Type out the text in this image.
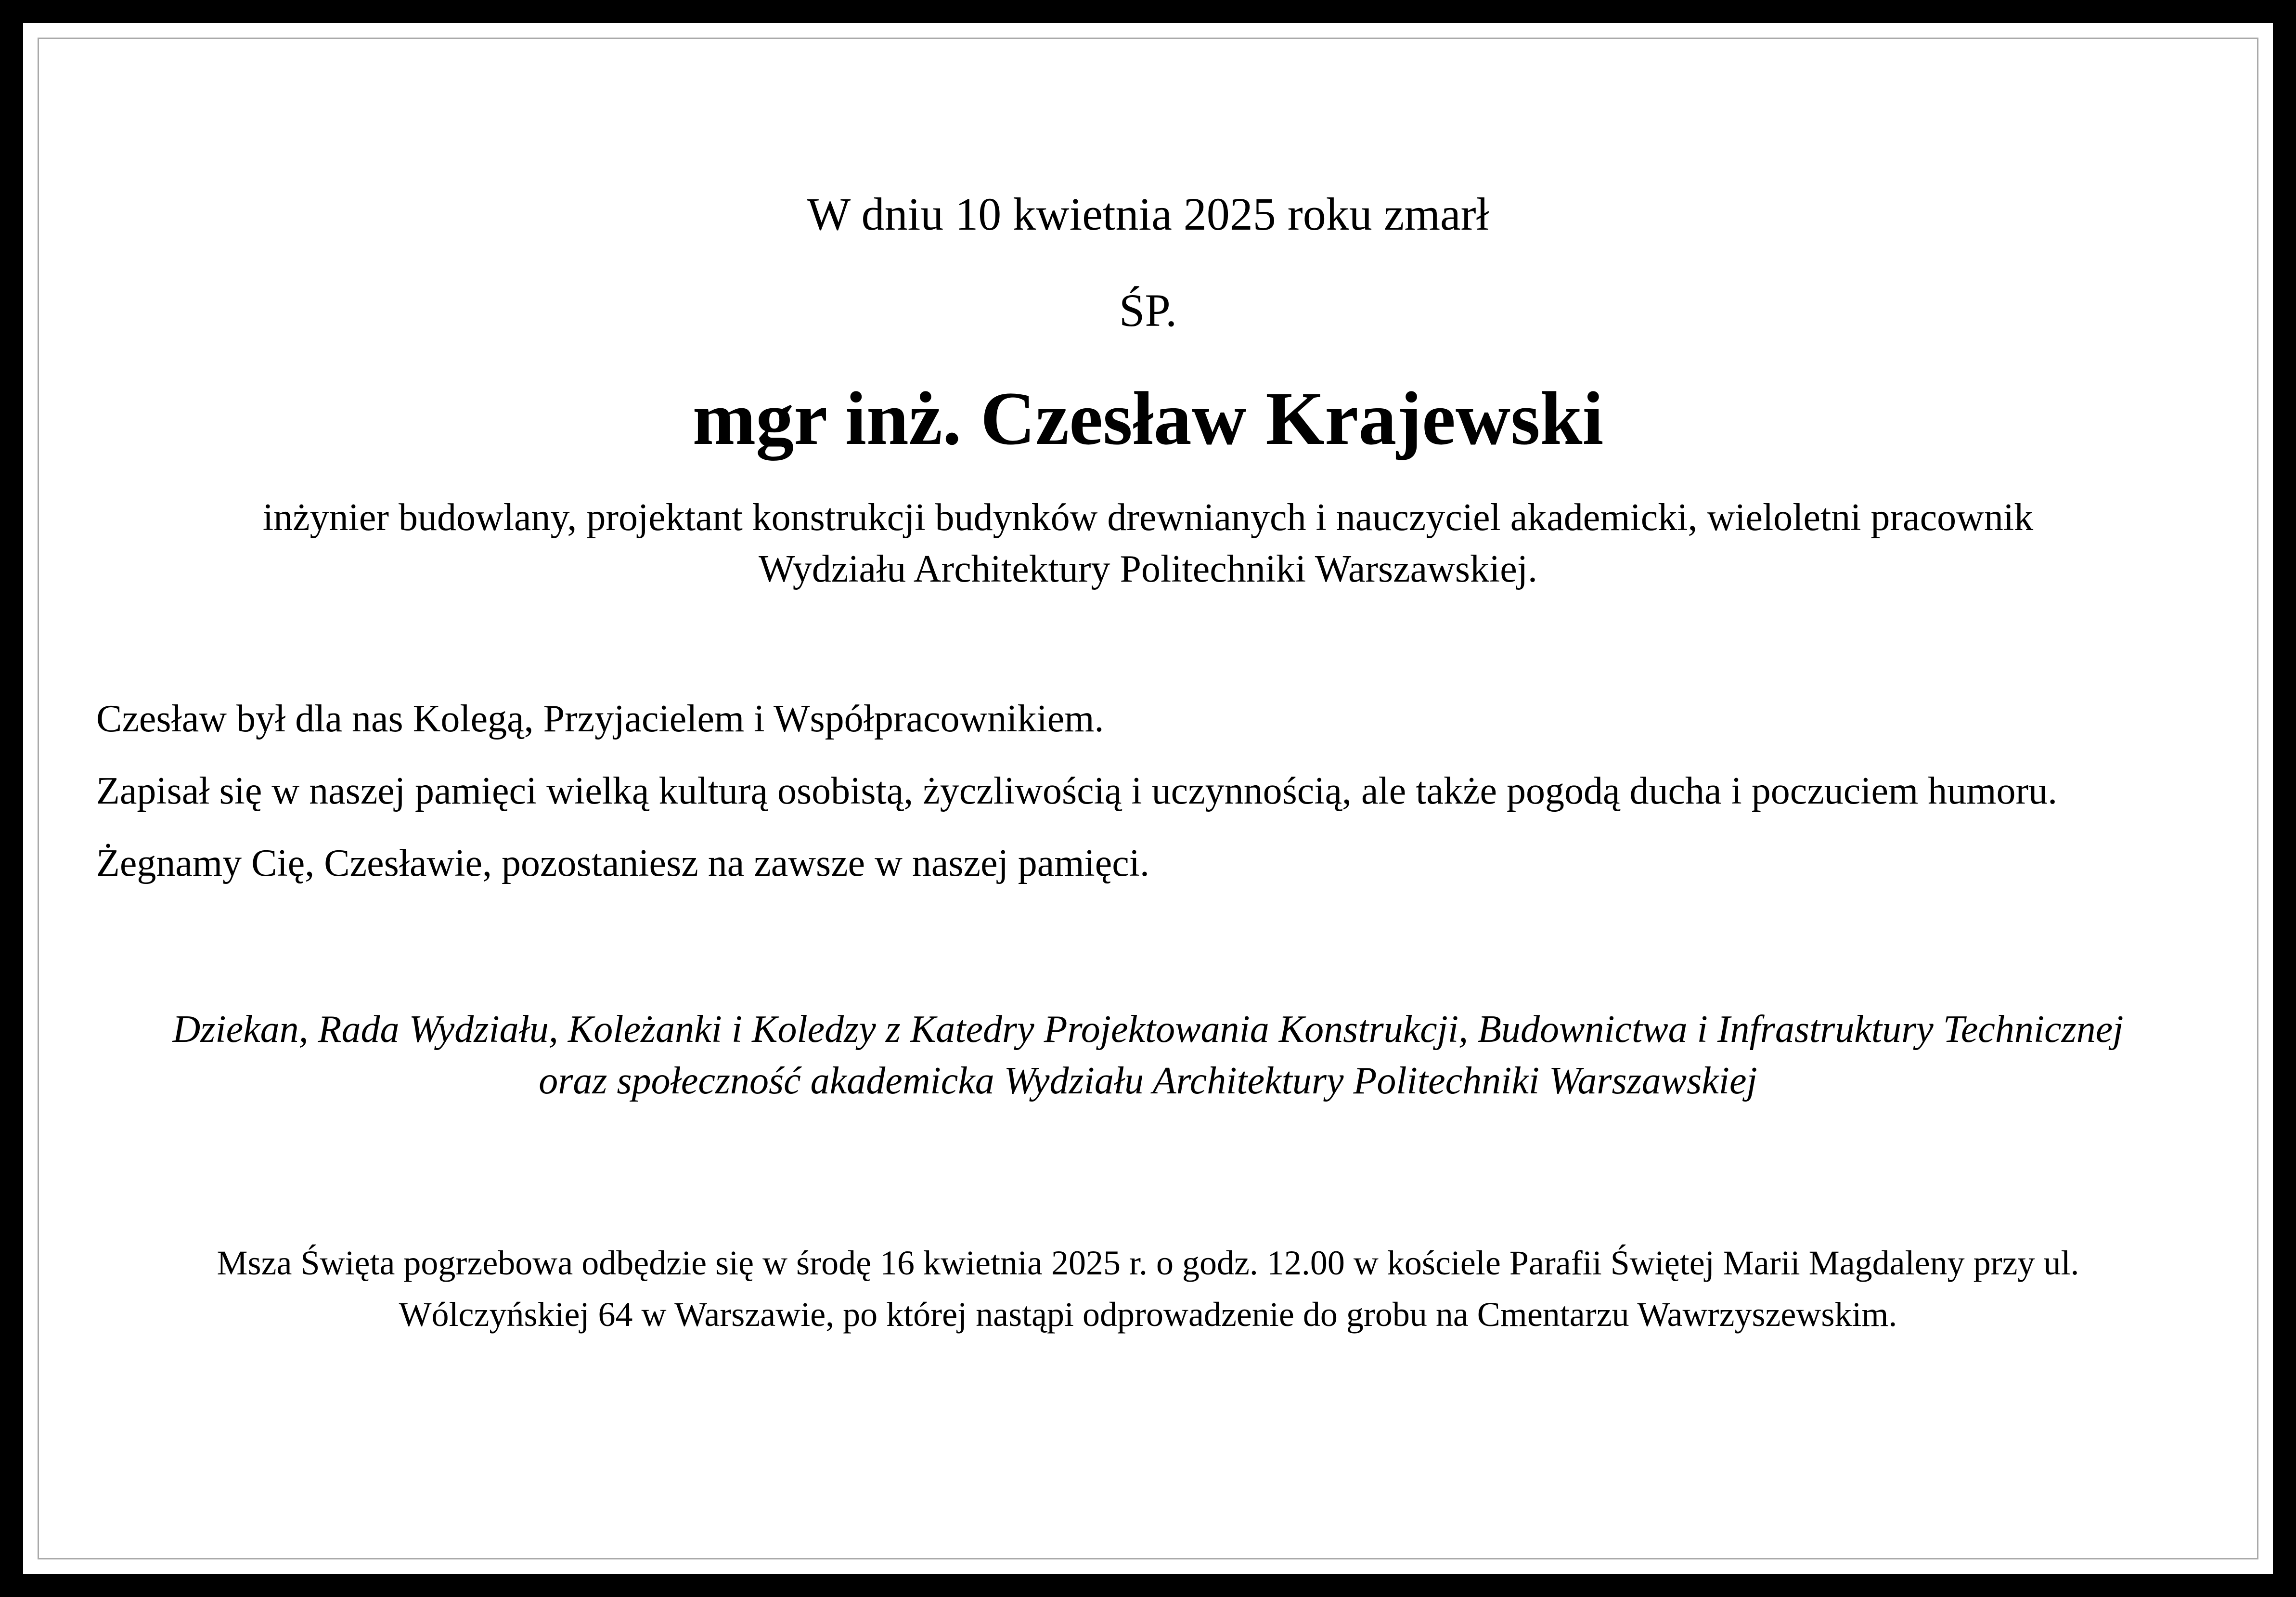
W dniu 10 kwietnia 2025 roku zmarł
ŚP.
mgr inż. Czesław Krajewski
inżynier budowlany, projektant konstrukcji budynków drewnianych i nauczyciel akademicki, wieloletni pracownik
Wydziału Architektury Politechniki Warszawskiej.
Czesław był dla nas Kolegą, Przyjacielem i Współpracownikiem.
Zapisał się w naszej pamięci wielką kulturą osobistą, życzliwością i uczynnością, ale także pogodą ducha i poczuciem humoru.
Żegnamy Cię, Czesławie, pozostaniesz na zawsze w naszej pamięci.
Dziekan, Rada Wydziału, Koleżanki i Koledzy z Katedry Projektowania Konstrukcji, Budownictwa i Infrastruktury Technicznej
oraz społeczność akademicka Wydziału Architektury Politechniki Warszawskiej
Msza Święta pogrzebowa odbędzie się w środę 16 kwietnia 2025 r. o godz. 12.00 w kościele Parafii Świętej Marii Magdaleny przy ul.
Wólczyńskiej 64 w Warszawie, po której nastąpi odprowadzenie do grobu na Cmentarzu Wawrzyszewskim.
